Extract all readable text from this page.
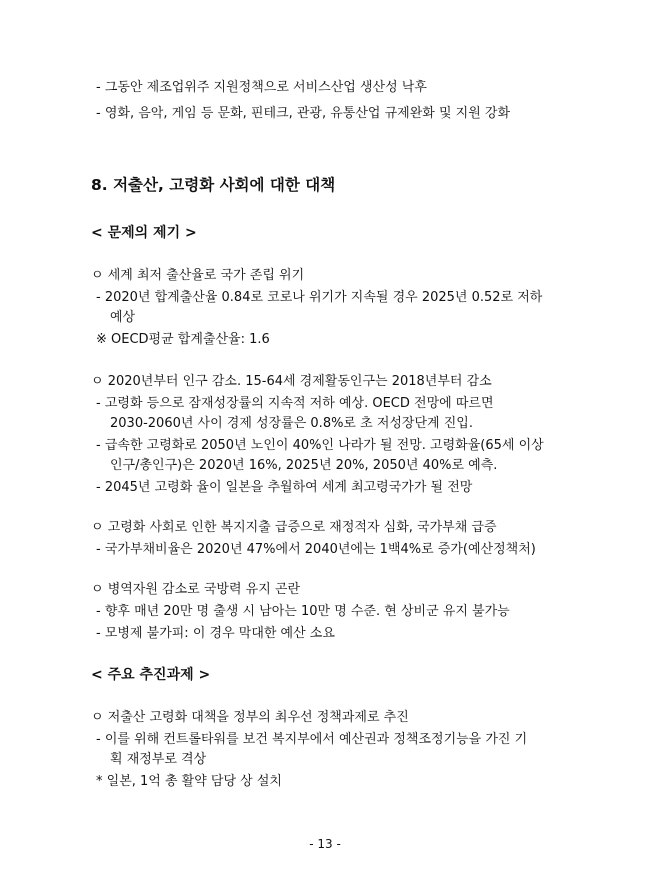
- 그동안 제조업위주 지원정책으로 서비스산업 생산성 낙후

- 영화, 음악, 게임 등 문화, 핀테크, 관광, 유통산업 규제완화 및 지원 강화

8. 저출산, 고령화 사회에 대한 대책
< 문제의 제기 >

ㅇ 세계 최저 출산율로 국가 존립 위기

- 2020년 합계출산율 0.84로 코로나 위기가 지속될 경우 2025년 0.52로 저하

예상

※ OECD평균 합계출산율: 1.6

ㅇ 2020년부터 인구 감소. 15-64세 경제활동인구는 2018년부터 감소

- 고령화 등으로 잠재성장률의 지속적 저하 예상. OECD 전망에 따르면

2030-2060년 사이 경제 성장률은 0.8%로 초 저성장단계 진입.

- 급속한 고령화로 2050년 노인이 40%인 나라가 될 전망. 고령화율(65세 이상

인구/총인구)은 2020년 16%, 2025년 20%, 2050년 40%로 예측.

- 2045년 고령화 율이 일본을 추월하여 세계 최고령국가가 될 전망

ㅇ 고령화 사회로 인한 복지지출 급증으로 재정적자 심화, 국가부채 급증

- 국가부채비율은 2020년 47%에서 2040년에는 1백4%로 증가(예산정책처)

ㅇ 병역자원 감소로 국방력 유지 곤란

- 향후 매년 20만 명 출생 시 남아는 10만 명 수준. 현 상비군 유지 불가능

- 모병제 불가피: 이 경우 막대한 예산 소요

< 주요 추진과제 >

ㅇ 저출산 고령화 대책을 정부의 최우선 정책과제로 추진

- 이를 위해 컨트롤타워를 보건 복지부에서 예산권과 정책조정기능을 가진 기

획 재정부로 격상

* 일본, 1억 총 활약 담당 상 설치

- 13 -
